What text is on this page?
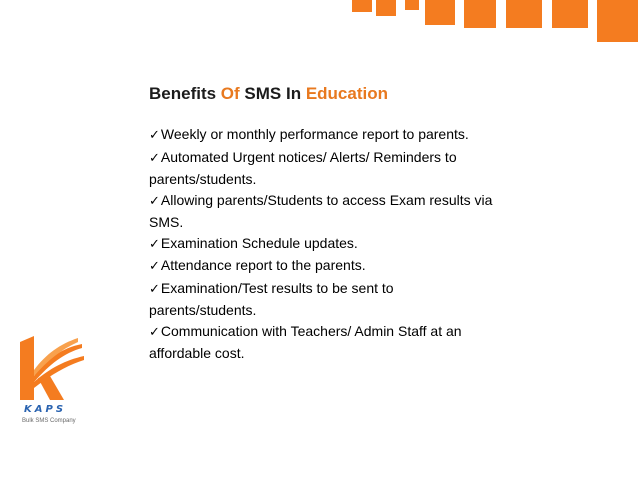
Benefits Of SMS In Education
✓Weekly or monthly performance report to parents.
✓Automated Urgent notices/ Alerts/ Reminders to parents/students.
✓Allowing parents/Students to access Exam results via SMS.
✓Examination Schedule updates.
✓Attendance report to the parents.
✓Examination/Test results to be sent to parents/students.
✓Communication with Teachers/ Admin Staff at an affordable cost.
KAPS
Bulk SMS Company
